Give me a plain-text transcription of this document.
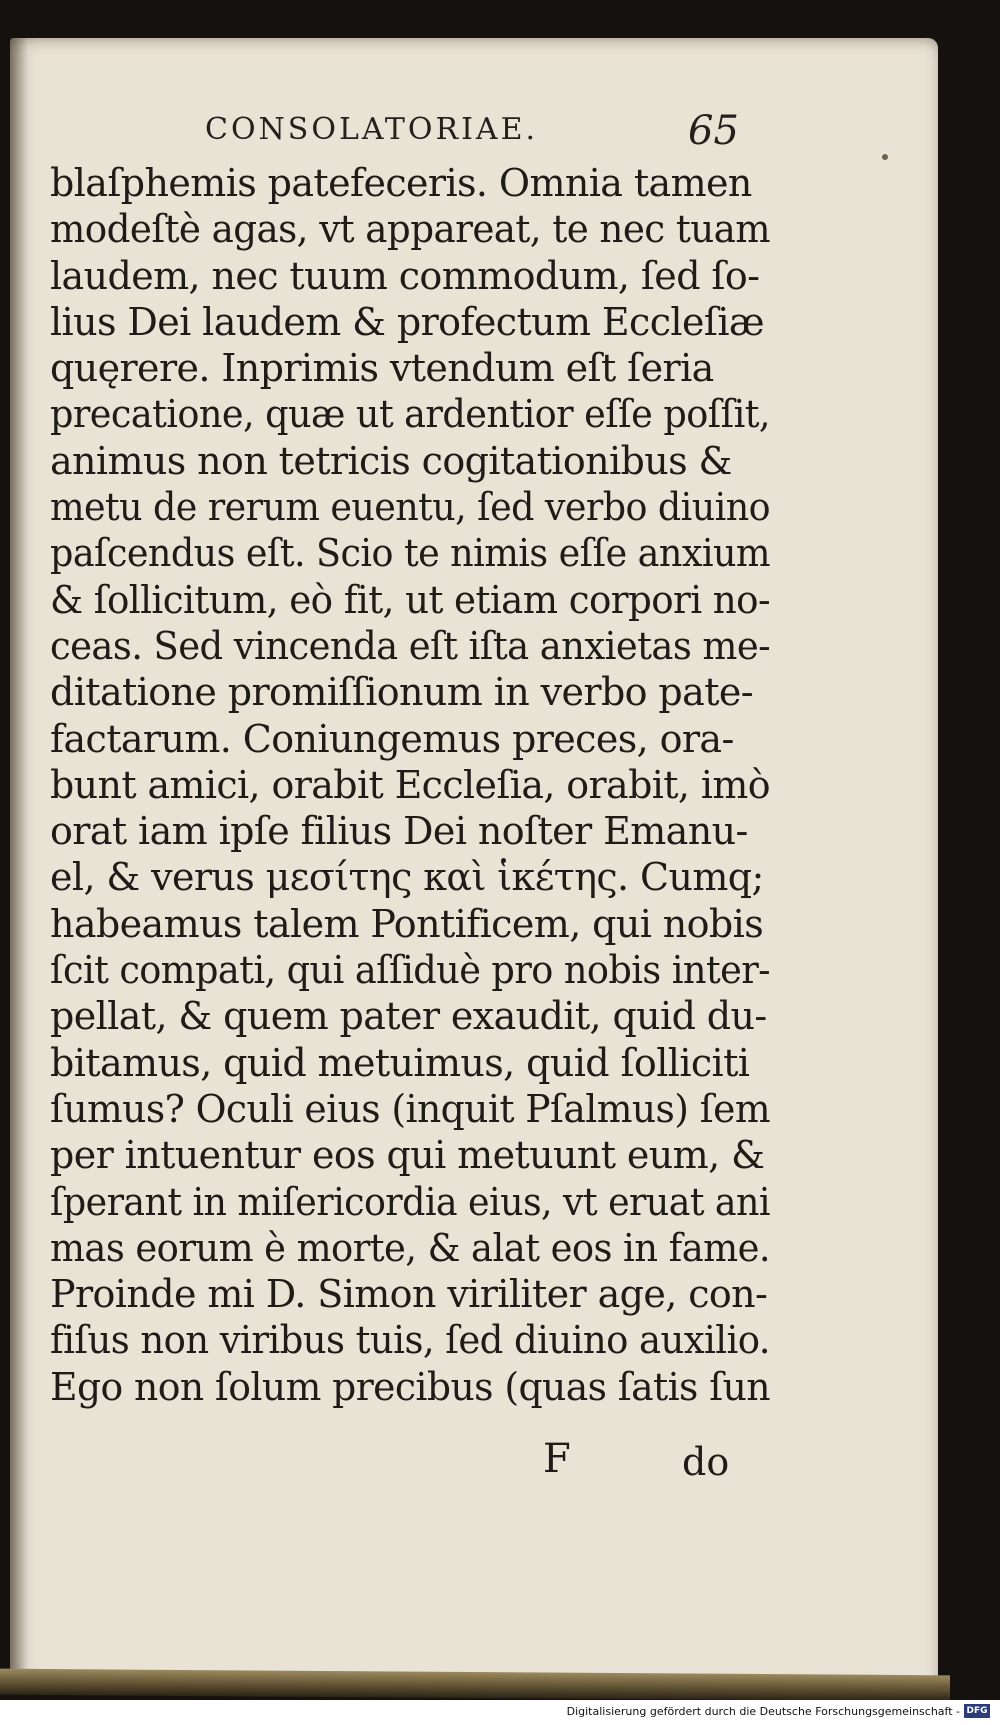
CONSOLATORIAE.	65
blaſphemis patefeceris. Omnia tamen
modeſtè agas, vt appareat, te nec tuam
laudem, nec tuum commodum, ſed ſo-
lius Dei laudem & profectum Eccleſiæ
quęrere. Inprimis vtendum eſt ſeria
precatione, quæ ut ardentior eſſe poſſit,
animus non tetricis cogitationibus &
metu de rerum euentu, ſed verbo diuino
paſcendus eſt. Scio te nimis eſſe anxium
& ſollicitum, eò fit, ut etiam corpori no-
ceas. Sed vincenda eſt iſta anxietas me-
ditatione promiſſionum in verbo pate-
factarum. Coniungemus preces, ora-
bunt amici, orabit Eccleſia, orabit, imò
orat iam ipſe filius Dei noſter Emanu-
el, & verus μεσίτης καὶ ἱκέτης. Cumq;
habeamus talem Pontificem, qui nobis
ſcit compati, qui aſſiduè pro nobis inter-
pellat, & quem pater exaudit, quid du-
bitamus, quid metuimus, quid ſolliciti
ſumus? Oculi eius (inquit Pſalmus) ſem
per intuentur eos qui metuunt eum, &
ſperant in miſericordia eius, vt eruat ani
mas eorum è morte, & alat eos in fame.
Proinde mi D. Simon viriliter age, con-
fiſus non viribus tuis, ſed diuino auxilio.
Ego non ſolum precibus (quas ſatis ſun
F	do
Digitalisierung gefördert durch die Deutsche Forschungsgemeinschaft - DFG
